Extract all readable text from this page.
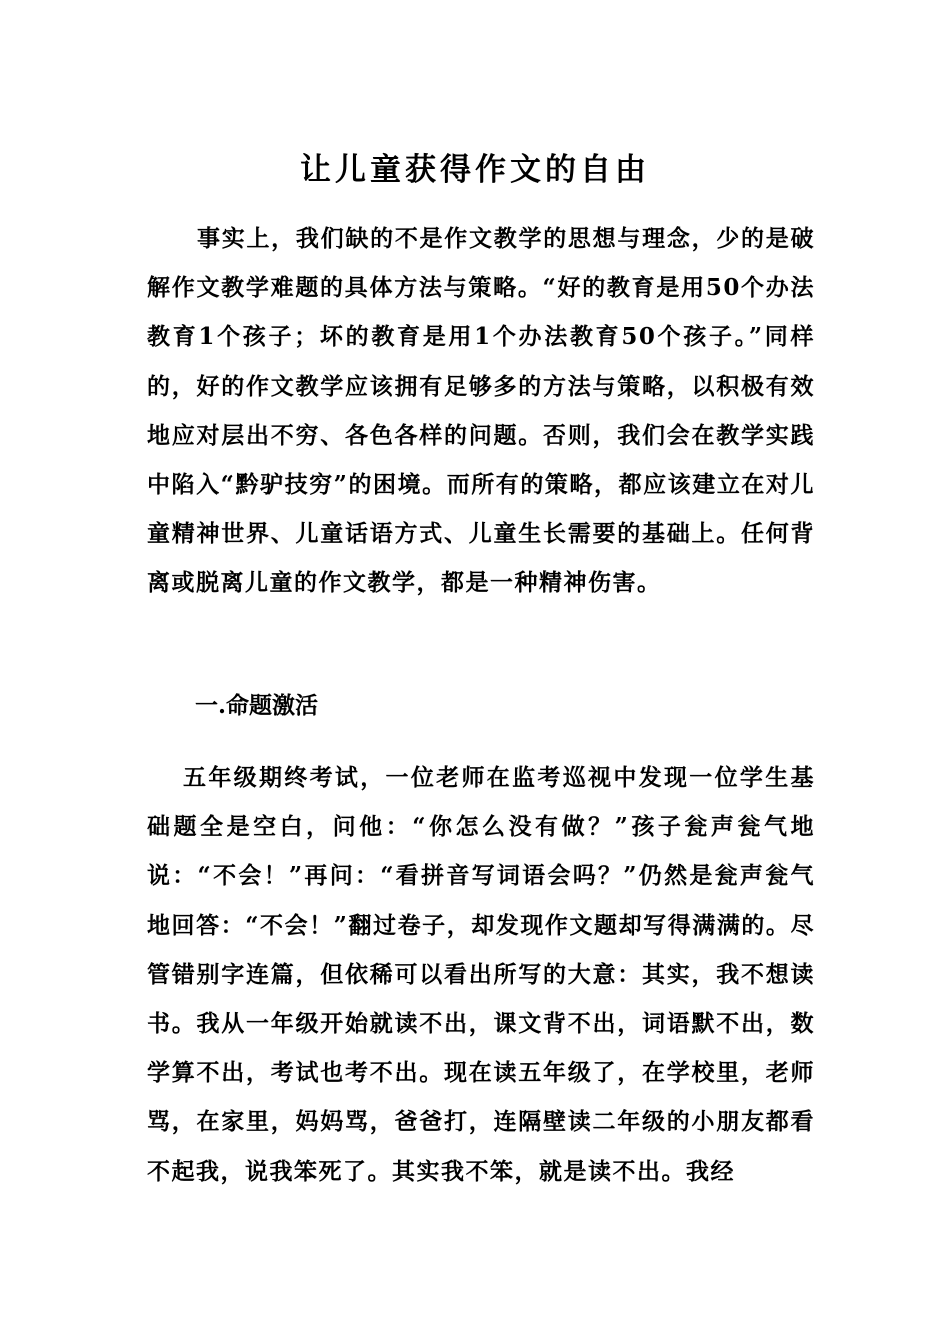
让儿童获得作文的自由

事实上，我们缺的不是作文教学的思想与理念，少的是破解作文教学难题的具体方法与策略。“好的教育是用50个办法教育1个孩子；坏的教育是用1个办法教育50个孩子。”同样的，好的作文教学应该拥有足够多的方法与策略，以积极有效地应对层出不穷、各色各样的问题。否则，我们会在教学实践中陷入“黔驴技穷”的困境。而所有的策略，都应该建立在对儿童精神世界、儿童话语方式、儿童生长需要的基础上。任何背离或脱离儿童的作文教学，都是一种精神伤害。

一.命题激活

五年级期终考试，一位老师在监考巡视中发现一位学生基础题全是空白，问他：“你怎么没有做？”孩子瓮声瓮气地说：“不会！”再问：“看拼音写词语会吗？”仍然是瓮声瓮气地回答：“不会！”翻过卷子，却发现作文题却写得满满的。尽管错别字连篇，但依稀可以看出所写的大意：其实，我不想读书。我从一年级开始就读不出，课文背不出，词语默不出，数学算不出，考试也考不出。现在读五年级了，在学校里，老师骂，在家里，妈妈骂，爸爸打，连隔壁读二年级的小朋友都看不起我，说我笨死了。其实我不笨，就是读不出。我经
